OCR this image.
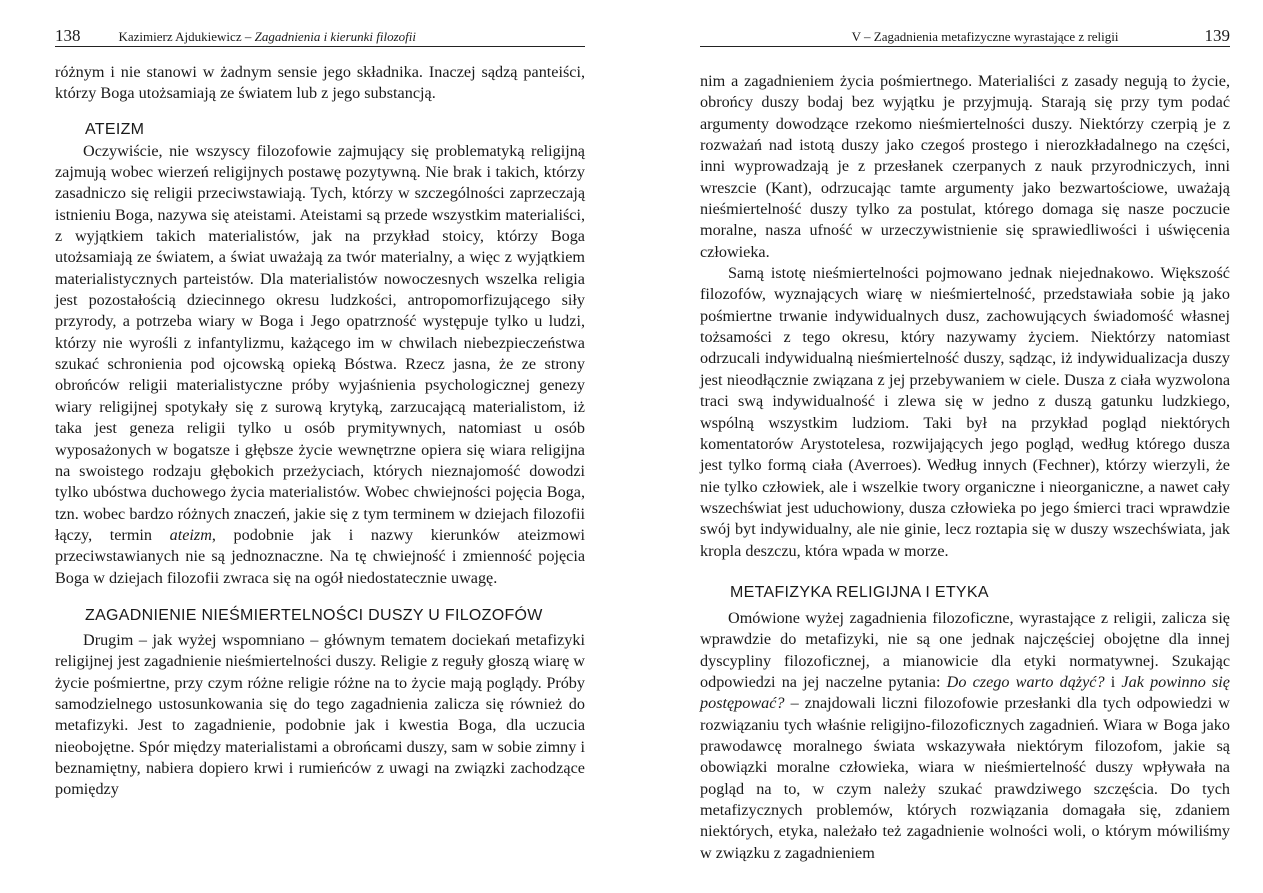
138	Kazimierz Ajdukiewicz – Zagadnienia i kierunki filozofii

różnym i nie stanowi w żadnym sensie jego składnika. Inaczej sądzą panteiści, którzy Boga utożsamiają ze światem lub z jego substancją.

ATEIZM

Oczywiście, nie wszyscy filozofowie zajmujący się problematyką religijną zajmują wobec wierzeń religijnych postawę pozytywną. Nie brak i takich, którzy zasadniczo się religii przeciwstawiają. Tych, którzy w szczególności zaprzeczają istnieniu Boga, nazywa się ateistami. Ateistami są przede wszystkim materialiści, z wyjątkiem takich materialistów, jak na przykład stoicy, którzy Boga utożsamiają ze światem, a świat uważają za twór materialny, a więc z wyjątkiem materialistycznych parteistów. Dla materialistów nowoczesnych wszelka religia jest pozostałością dziecinnego okresu ludzkości, antropomorfizującego siły przyrody, a potrzeba wiary w Boga i Jego opatrzność występuje tylko u ludzi, którzy nie wyrośli z infantylizmu, każącego im w chwilach niebezpieczeństwa szukać schronienia pod ojcowską opieką Bóstwa. Rzecz jasna, że ze strony obrońców religii materialistyczne próby wyjaśnienia psychologicznej genezy wiary religijnej spotykały się z surową krytyką, zarzucającą materialistom, iż taka jest geneza religii tylko u osób prymitywnych, natomiast u osób wyposażonych w bogatsze i głębsze życie wewnętrzne opiera się wiara religijna na swoistego rodzaju głębokich przeżyciach, których nieznajomość dowodzi tylko ubóstwa duchowego życia materialistów. Wobec chwiejności pojęcia Boga, tzn. wobec bardzo różnych znaczeń, jakie się z tym terminem w dziejach filozofii łączy, termin ateizm, podobnie jak i nazwy kierunków ateizmowi przeciwstawianych nie są jednoznaczne. Na tę chwiejność i zmienność pojęcia Boga w dziejach filozofii zwraca się na ogół niedostatecznie uwagę.

ZAGADNIENIE NIEŚMIERTELNOŚCI DUSZY U FILOZOFÓW

Drugim – jak wyżej wspomniano – głównym tematem dociekań metafizyki religijnej jest zagadnienie nieśmiertelności duszy. Religie z reguły głoszą wiarę w życie pośmiertne, przy czym różne religie różne na to życie mają poglądy. Próby samodzielnego ustosunkowania się do tego zagadnienia zalicza się również do metafizyki. Jest to zagadnienie, podobnie jak i kwestia Boga, dla uczucia nieobojętne. Spór między materialistami a obrońcami duszy, sam w sobie zimny i beznamiętny, nabiera dopiero krwi i rumieńców z uwagi na związki zachodzące pomiędzy

V – Zagadnienia metafizyczne wyrastające z religii	139

nim a zagadnieniem życia pośmiertnego. Materialiści z zasady negują to życie, obrońcy duszy bodaj bez wyjątku je przyjmują. Starają się przy tym podać argumenty dowodzące rzekomo nieśmiertelności duszy. Niektórzy czerpią je z rozważań nad istotą duszy jako czegoś prostego i nierozkładalnego na części, inni wyprowadzają je z przesłanek czerpanych z nauk przyrodniczych, inni wreszcie (Kant), odrzucając tamte argumenty jako bezwartościowe, uważają nieśmiertelność duszy tylko za postulat, którego domaga się nasze poczucie moralne, nasza ufność w urzeczywistnienie się sprawiedliwości i uświęcenia człowieka.

Samą istotę nieśmiertelności pojmowano jednak niejednakowo. Większość filozofów, wyznających wiarę w nieśmiertelność, przedstawiała sobie ją jako pośmiertne trwanie indywidualnych dusz, zachowujących świadomość własnej tożsamości z tego okresu, który nazywamy życiem. Niektórzy natomiast odrzucali indywidualną nieśmiertelność duszy, sądząc, iż indywidualizacja duszy jest nieodłącznie związana z jej przebywaniem w ciele. Dusza z ciała wyzwolona traci swą indywidualność i zlewa się w jedno z duszą gatunku ludzkiego, wspólną wszystkim ludziom. Taki był na przykład pogląd niektórych komentatorów Arystotelesa, rozwijających jego pogląd, według którego dusza jest tylko formą ciała (Averroes). Według innych (Fechner), którzy wierzyli, że nie tylko człowiek, ale i wszelkie twory organiczne i nieorganiczne, a nawet cały wszechświat jest uduchowiony, dusza człowieka po jego śmierci traci wprawdzie swój byt indywidualny, ale nie ginie, lecz roztapia się w duszy wszechświata, jak kropla deszczu, która wpada w morze.

METAFIZYKA RELIGIJNA I ETYKA

Omówione wyżej zagadnienia filozoficzne, wyrastające z religii, zalicza się wprawdzie do metafizyki, nie są one jednak najczęściej obojętne dla innej dyscypliny filozoficznej, a mianowicie dla etyki normatywnej. Szukając odpowiedzi na jej naczelne pytania: Do czego warto dążyć? i Jak powinno się postępować? – znajdowali liczni filozofowie przesłanki dla tych odpowiedzi w rozwiązaniu tych właśnie religijno-filozoficznych zagadnień. Wiara w Boga jako prawodawcę moralnego świata wskazywała niektórym filozofom, jakie są obowiązki moralne człowieka, wiara w nieśmiertelność duszy wpływała na pogląd na to, w czym należy szukać prawdziwego szczęścia. Do tych metafizycznych problemów, których rozwiązania domagała się, zdaniem niektórych, etyka, należało też zagadnienie wolności woli, o którym mówiliśmy w związku z zagadnieniem
